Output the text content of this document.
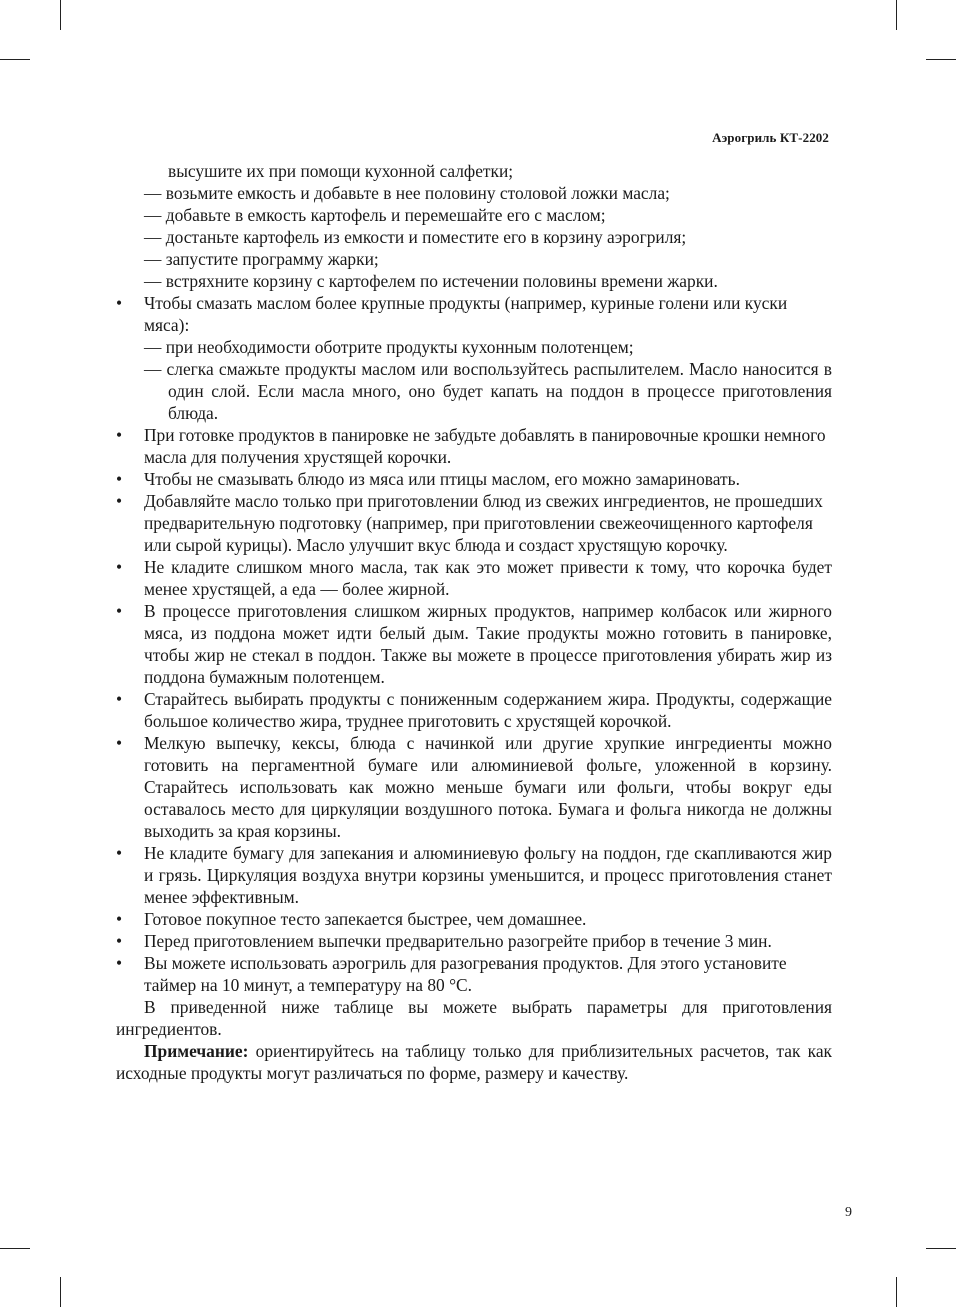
Аэрогриль КТ-2202

высушите их при помощи кухонной салфетки;

— возьмите емкость и добавьте в нее половину столовой ложки масла;

— добавьте в емкость картофель и перемешайте его с маслом;

— достаньте картофель из емкости и поместите его в корзину аэрогриля;

— запустите программу жарки;

— встряхните корзину с картофелем по истечении половины времени жарки.

• Чтобы смазать маслом более крупные продукты (например, куриные голени или куски мяса):

— при необходимости оботрите продукты кухонным полотенцем;

— слегка смажьте продукты маслом или воспользуйтесь распылителем. Масло наносится в один слой. Если масла много, оно будет капать на поддон в процессе приготовления блюда.

• При готовке продуктов в панировке не забудьте добавлять в панировочные крошки немного масла для получения хрустящей корочки.
• Чтобы не смазывать блюдо из мяса или птицы маслом, его можно замариновать.
• Добавляйте масло только при приготовлении блюд из свежих ингредиентов, не прошедших предварительную подготовку (например, при приготовлении свежеочищенного картофеля или сырой курицы). Масло улучшит вкус блюда и создаст хрустящую корочку.
• Не кладите слишком много масла, так как это может привести к тому, что корочка будет менее хрустящей, а еда — более жирной.
• В процессе приготовления слишком жирных продуктов, например колбасок или жирного мяса, из поддона может идти белый дым. Такие продукты можно готовить в панировке, чтобы жир не стекал в поддон. Также вы можете в процессе приготовления убирать жир из поддона бумажным полотенцем.
• Старайтесь выбирать продукты с пониженным содержанием жира. Продукты, содержащие большое количество жира, труднее приготовить с хрустящей корочкой.
• Мелкую выпечку, кексы, блюда с начинкой или другие хрупкие ингредиенты можно готовить на пергаментной бумаге или алюминиевой фольге, уложенной в корзину. Старайтесь использовать как можно меньше бумаги или фольги, чтобы вокруг еды оставалось место для циркуляции воздушного потока. Бумага и фольга никогда не должны выходить за края корзины.
• Не кладите бумагу для запекания и алюминиевую фольгу на поддон, где скапливаются жир и грязь. Циркуляция воздуха внутри корзины уменьшится, и процесс приготовления станет менее эффективным.
• Готовое покупное тесто запекается быстрее, чем домашнее.
• Перед приготовлением выпечки предварительно разогрейте прибор в течение 3 мин.
• Вы можете использовать аэрогриль для разогревания продуктов. Для этого установите таймер на 10 минут, а температуру на 80 °C.

В приведенной ниже таблице вы можете выбрать параметры для приготовления ингредиентов.

Примечание: ориентируйтесь на таблицу только для приблизительных расчетов, так как исходные продукты могут различаться по форме, размеру и качеству.

9
